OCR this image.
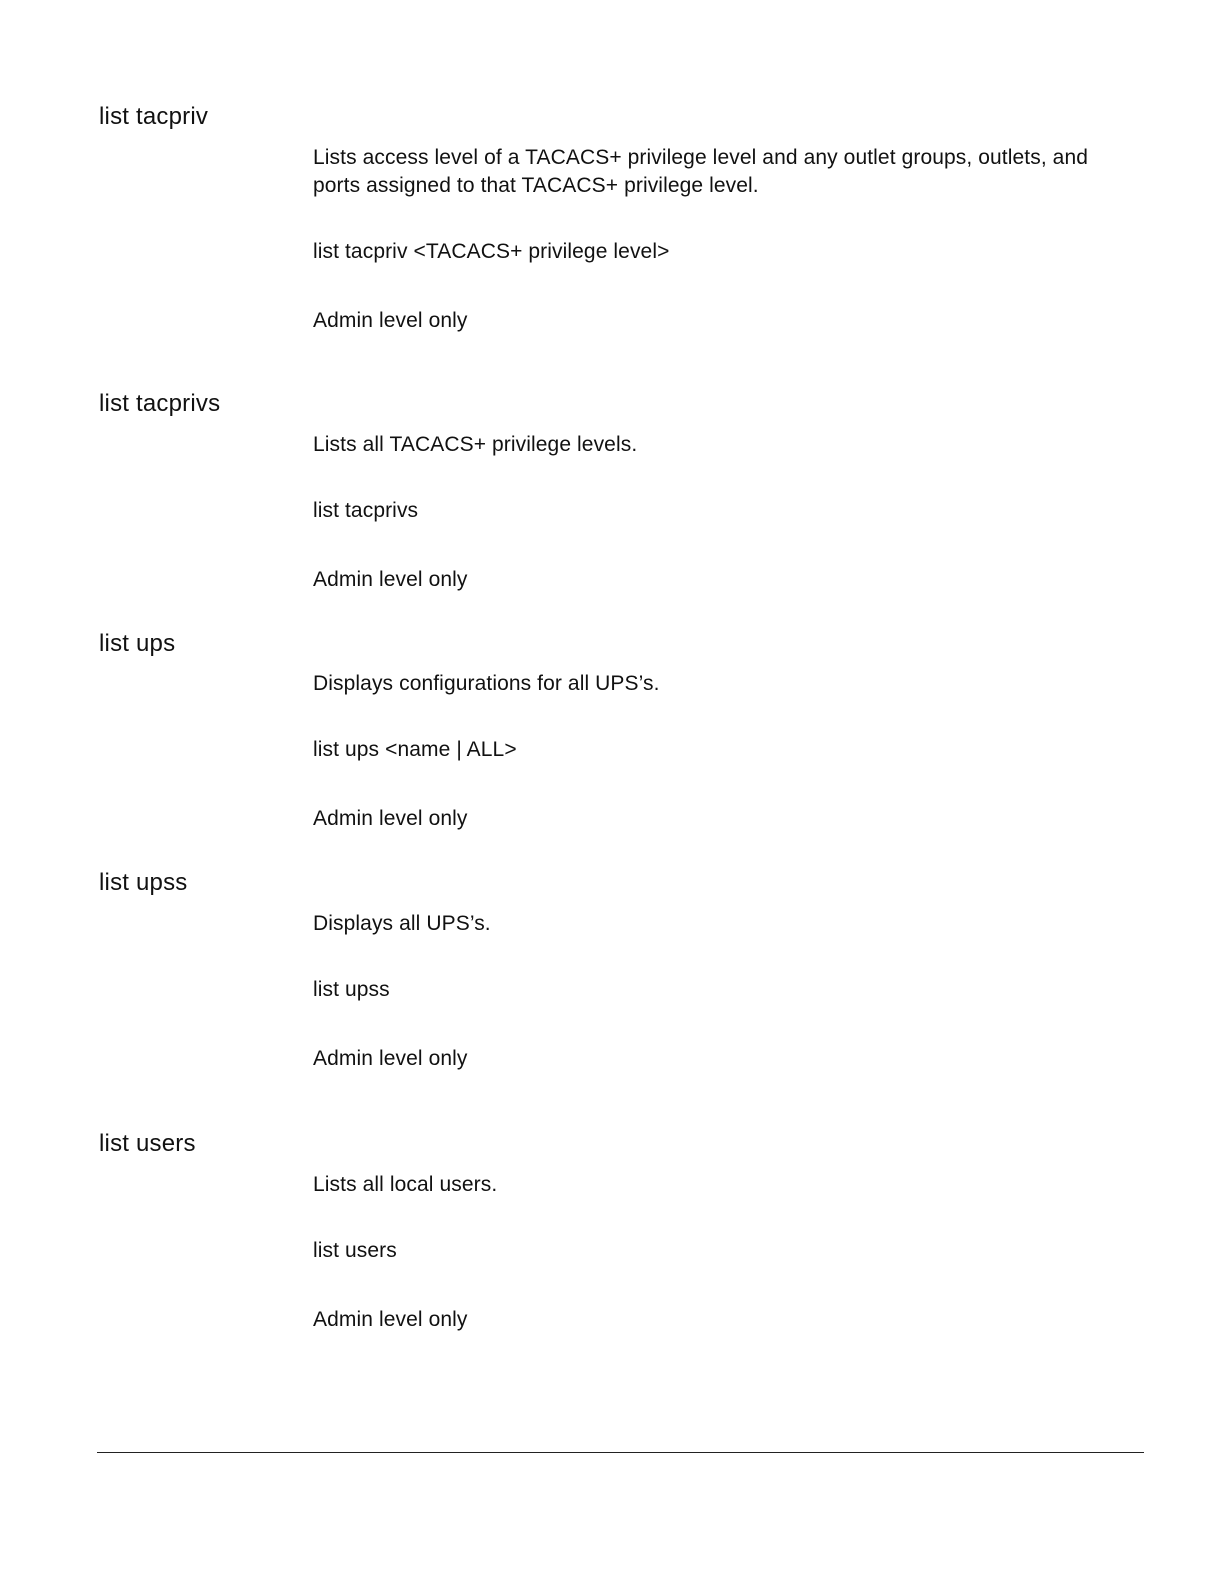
list tacpriv

Lists access level of a TACACS+ privilege level and any outlet groups, outlets, and ports assigned to that TACACS+ privilege level.

list tacpriv <TACACS+ privilege level>

Admin level only

list tacprivs

Lists all TACACS+ privilege levels.

list tacprivs

Admin level only

list ups

Displays configurations for all UPS’s.

list ups <name | ALL>

Admin level only

list upss

Displays all UPS’s.

list upss

Admin level only

list users

Lists all local users.

list users

Admin level only
